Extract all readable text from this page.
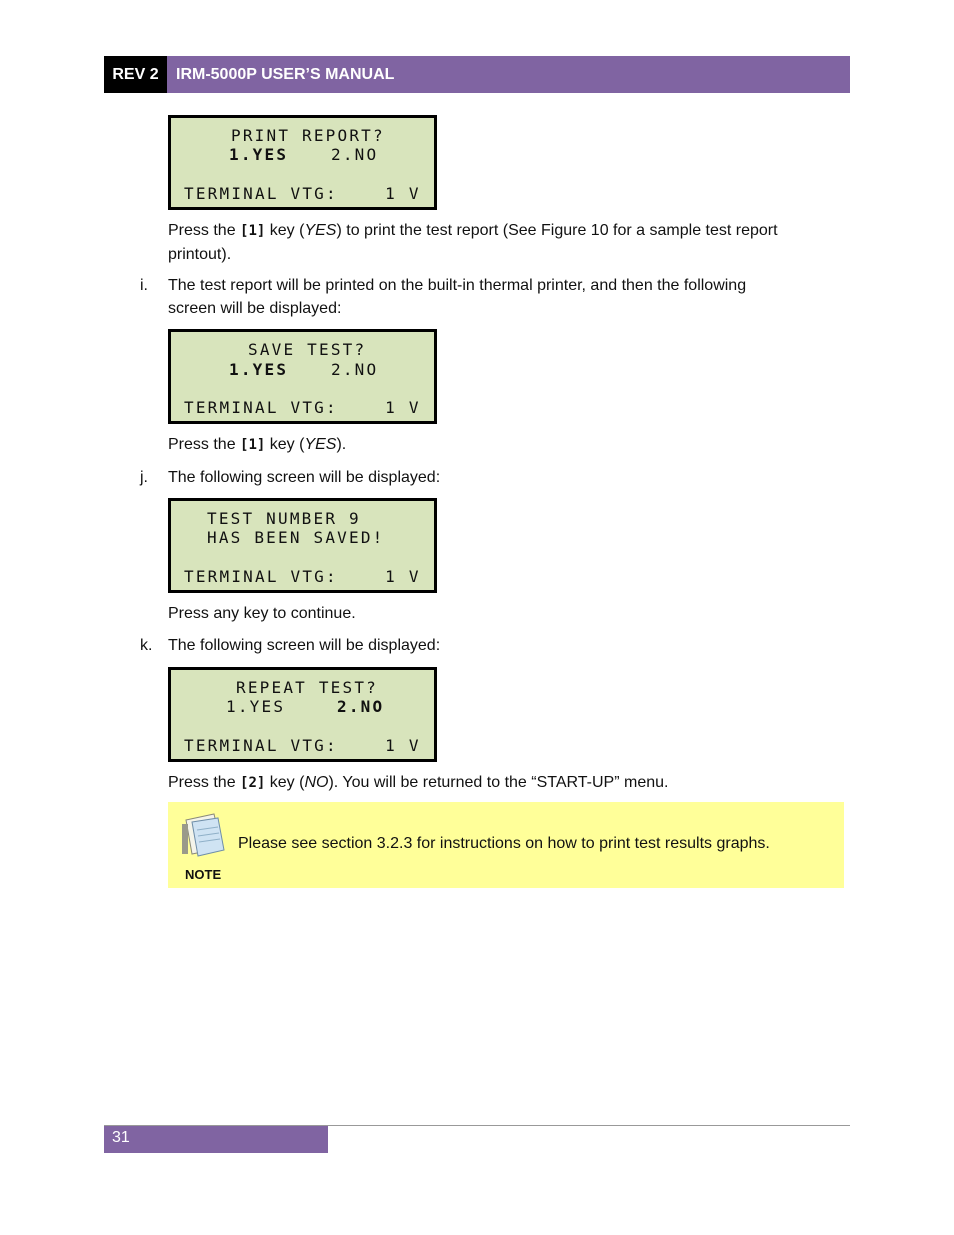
REV 2	IRM-5000P USER’S MANUAL
PRINT REPORT?
1.YES	2.NO
TERMINAL VTG:    1 V
Press the [1] key (YES) to print the test report (See Figure 10 for a sample test report
printout).
i. The test report will be printed on the built-in thermal printer, and then the following
screen will be displayed:
SAVE TEST?
1.YES	2.NO
TERMINAL VTG:    1 V
Press the [1] key (YES).
j. The following screen will be displayed:
TEST NUMBER 9
HAS BEEN SAVED!
TERMINAL VTG:    1 V
Press any key to continue.
k. The following screen will be displayed:
REPEAT TEST?
1.YES	2.NO
TERMINAL VTG:    1 V
Press the [2] key (NO). You will be returned to the “START-UP” menu.
Please see section 3.2.3 for instructions on how to print test results graphs.
NOTE
31
